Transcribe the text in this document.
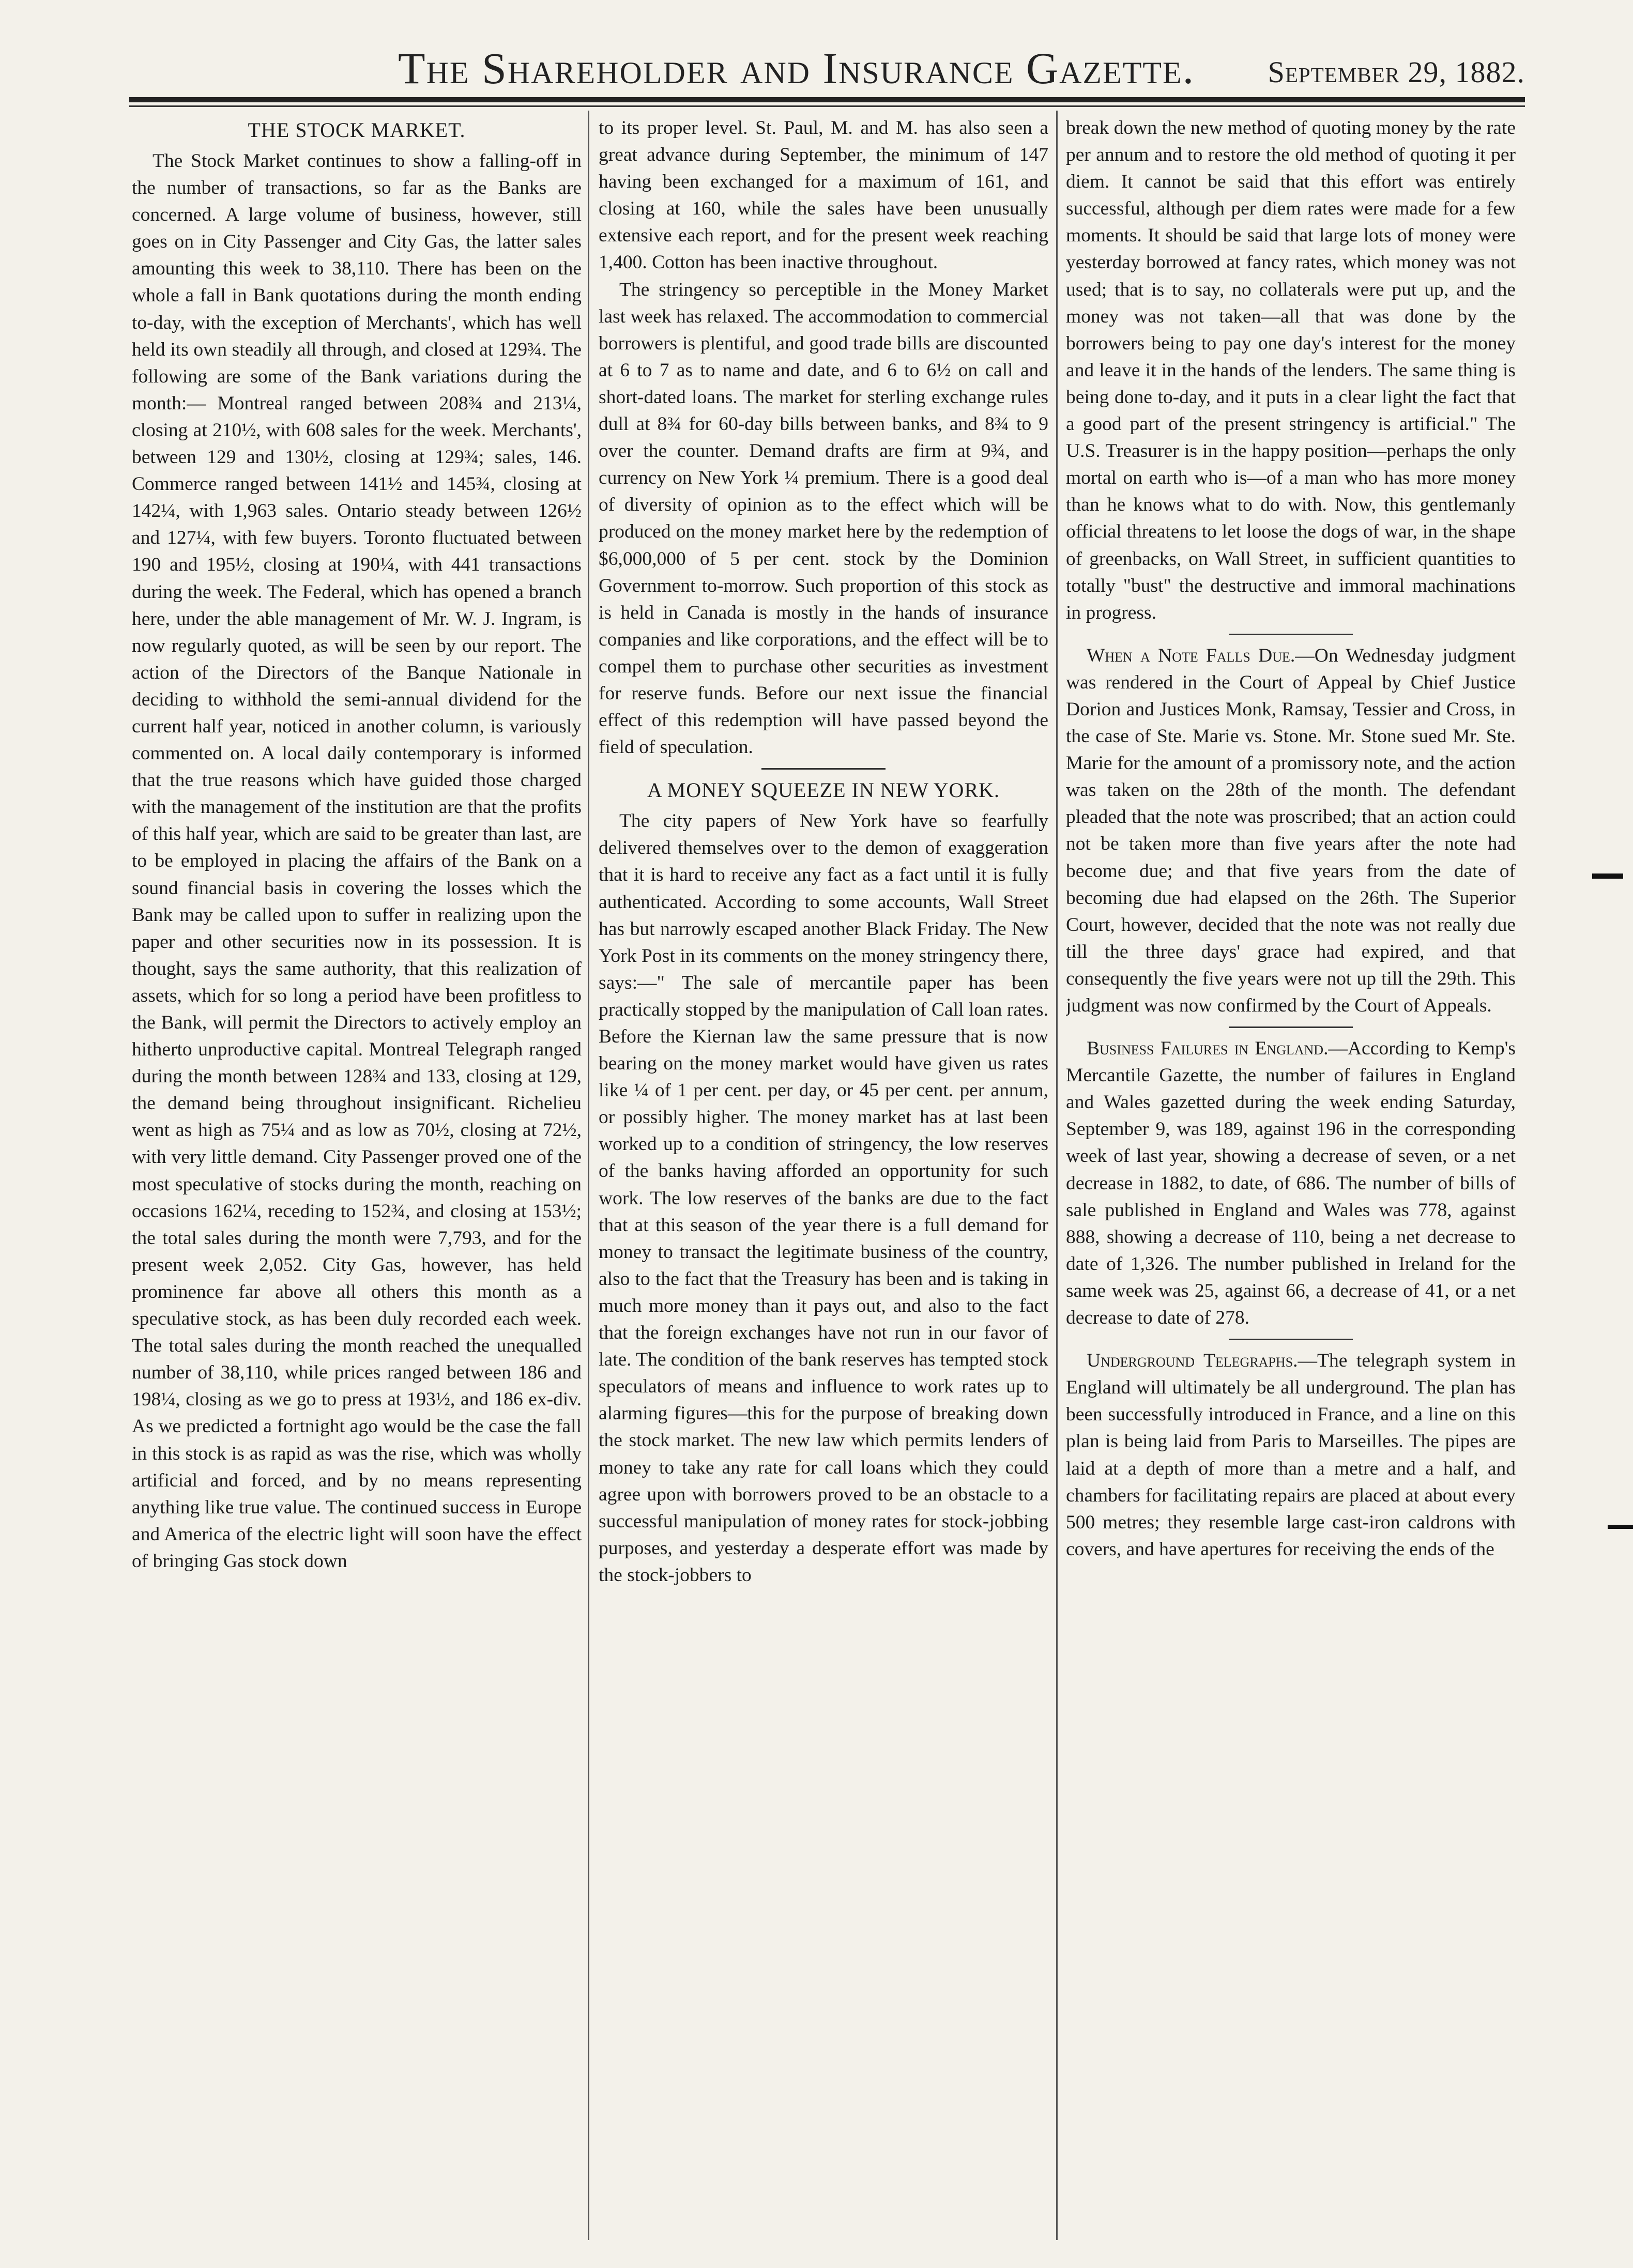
The Shareholder and Insurance Gazette. September 29, 1882.
THE STOCK MARKET.

The Stock Market continues to show a falling-off in the number of transactions, so far as the Banks are concerned. A large volume of business, however, still goes on in City Passenger and City Gas, the latter sales amounting this week to 38,110. There has been on the whole a fall in Bank quotations during the month ending to-day, with the exception of Merchants', which has well held its own steadily all through, and closed at 129¾. The following are some of the Bank variations during the month:— Montreal ranged between 208¾ and 213¼, closing at 210½, with 608 sales for the week. Merchants', between 129 and 130½, closing at 129¾; sales, 146. Commerce ranged between 141½ and 145¾, closing at 142¼, with 1,963 sales. Ontario steady between 126½ and 127¼, with few buyers. Toronto fluctuated between 190 and 195½, closing at 190¼, with 441 transactions during the week. The Federal, which has opened a branch here, under the able management of Mr. W. J. Ingram, is now regularly quoted, as will be seen by our report. The action of the Directors of the Banque Nationale in deciding to withhold the semi-annual dividend for the current half year, noticed in another column, is variously commented on. A local daily contemporary is informed that the true reasons which have guided those charged with the management of the institution are that the profits of this half year, which are said to be greater than last, are to be employed in placing the affairs of the Bank on a sound financial basis in covering the losses which the Bank may be called upon to suffer in realizing upon the paper and other securities now in its possession. It is thought, says the same authority, that this realization of assets, which for so long a period have been profitless to the Bank, will permit the Directors to actively employ an hitherto unproductive capital. Montreal Telegraph ranged during the month between 128¾ and 133, closing at 129, the demand being throughout insignificant. Richelieu went as high as 75¼ and as low as 70½, closing at 72½, with very little demand. City Passenger proved one of the most speculative of stocks during the month, reaching on occasions 162¼, receding to 152¾, and closing at 153½; the total sales during the month were 7,793, and for the present week 2,052. City Gas, however, has held prominence far above all others this month as a speculative stock, as has been duly recorded each week. The total sales during the month reached the unequalled number of 38,110, while prices ranged between 186 and 198¼, closing as we go to press at 193½, and 186 ex-div. As we predicted a fortnight ago would be the case the fall in this stock is as rapid as was the rise, which was wholly artificial and forced, and by no means representing anything like true value. The continued success in Europe and America of the electric light will soon have the effect of bringing Gas stock down

to its proper level. St. Paul, M. and M. has also seen a great advance during September, the minimum of 147 having been exchanged for a maximum of 161, and closing at 160, while the sales have been unusually extensive each report, and for the present week reaching 1,400. Cotton has been inactive throughout.

The stringency so perceptible in the Money Market last week has relaxed. The accommodation to commercial borrowers is plentiful, and good trade bills are discounted at 6 to 7 as to name and date, and 6 to 6½ on call and short-dated loans. The market for sterling exchange rules dull at 8¾ for 60-day bills between banks, and 8¾ to 9 over the counter. Demand drafts are firm at 9¾, and currency on New York ¼ premium. There is a good deal of diversity of opinion as to the effect which will be produced on the money market here by the redemption of $6,000,000 of 5 per cent. stock by the Dominion Government to-morrow. Such proportion of this stock as is held in Canada is mostly in the hands of insurance companies and like corporations, and the effect will be to compel them to purchase other securities as investment for reserve funds. Before our next issue the financial effect of this redemption will have passed beyond the field of speculation.

A MONEY SQUEEZE IN NEW YORK.

The city papers of New York have so fearfully delivered themselves over to the demon of exaggeration that it is hard to receive any fact as a fact until it is fully authenticated. According to some accounts, Wall Street has but narrowly escaped another Black Friday. The New York Post in its comments on the money stringency there, says:—" The sale of mercantile paper has been practically stopped by the manipulation of Call loan rates. Before the Kiernan law the same pressure that is now bearing on the money market would have given us rates like ¼ of 1 per cent. per day, or 45 per cent. per annum, or possibly higher. The money market has at last been worked up to a condition of stringency, the low reserves of the banks having afforded an opportunity for such work. The low reserves of the banks are due to the fact that at this season of the year there is a full demand for money to transact the legitimate business of the country, also to the fact that the Treasury has been and is taking in much more money than it pays out, and also to the fact that the foreign exchanges have not run in our favor of late. The condition of the bank reserves has tempted stock speculators of means and influence to work rates up to alarming figures—this for the purpose of breaking down the stock market. The new law which permits lenders of money to take any rate for call loans which they could agree upon with borrowers proved to be an obstacle to a successful manipulation of money rates for stock-jobbing purposes, and yesterday a desperate effort was made by the stock-jobbers to

break down the new method of quoting money by the rate per annum and to restore the old method of quoting it per diem. It cannot be said that this effort was entirely successful, although per diem rates were made for a few moments. It should be said that large lots of money were yesterday borrowed at fancy rates, which money was not used; that is to say, no collaterals were put up, and the money was not taken—all that was done by the borrowers being to pay one day's interest for the money and leave it in the hands of the lenders. The same thing is being done to-day, and it puts in a clear light the fact that a good part of the present stringency is artificial." The U.S. Treasurer is in the happy position—perhaps the only mortal on earth who is—of a man who has more money than he knows what to do with. Now, this gentlemanly official threatens to let loose the dogs of war, in the shape of greenbacks, on Wall Street, in sufficient quantities to totally "bust" the destructive and immoral machinations in progress.

When a Note Falls Due.—On Wednesday judgment was rendered in the Court of Appeal by Chief Justice Dorion and Justices Monk, Ramsay, Tessier and Cross, in the case of Ste. Marie vs. Stone. Mr. Stone sued Mr. Ste. Marie for the amount of a promissory note, and the action was taken on the 28th of the month. The defendant pleaded that the note was proscribed; that an action could not be taken more than five years after the note had become due; and that five years from the date of becoming due had elapsed on the 26th. The Superior Court, however, decided that the note was not really due till the three days' grace had expired, and that consequently the five years were not up till the 29th. This judgment was now confirmed by the Court of Appeals.

Business Failures in England.—According to Kemp's Mercantile Gazette, the number of failures in England and Wales gazetted during the week ending Saturday, September 9, was 189, against 196 in the corresponding week of last year, showing a decrease of seven, or a net decrease in 1882, to date, of 686. The number of bills of sale published in England and Wales was 778, against 888, showing a decrease of 110, being a net decrease to date of 1,326. The number published in Ireland for the same week was 25, against 66, a decrease of 41, or a net decrease to date of 278.

Underground Telegraphs.—The telegraph system in England will ultimately be all underground. The plan has been successfully introduced in France, and a line on this plan is being laid from Paris to Marseilles. The pipes are laid at a depth of more than a metre and a half, and chambers for facilitating repairs are placed at about every 500 metres; they resemble large cast-iron caldrons with covers, and have apertures for receiving the ends of the
